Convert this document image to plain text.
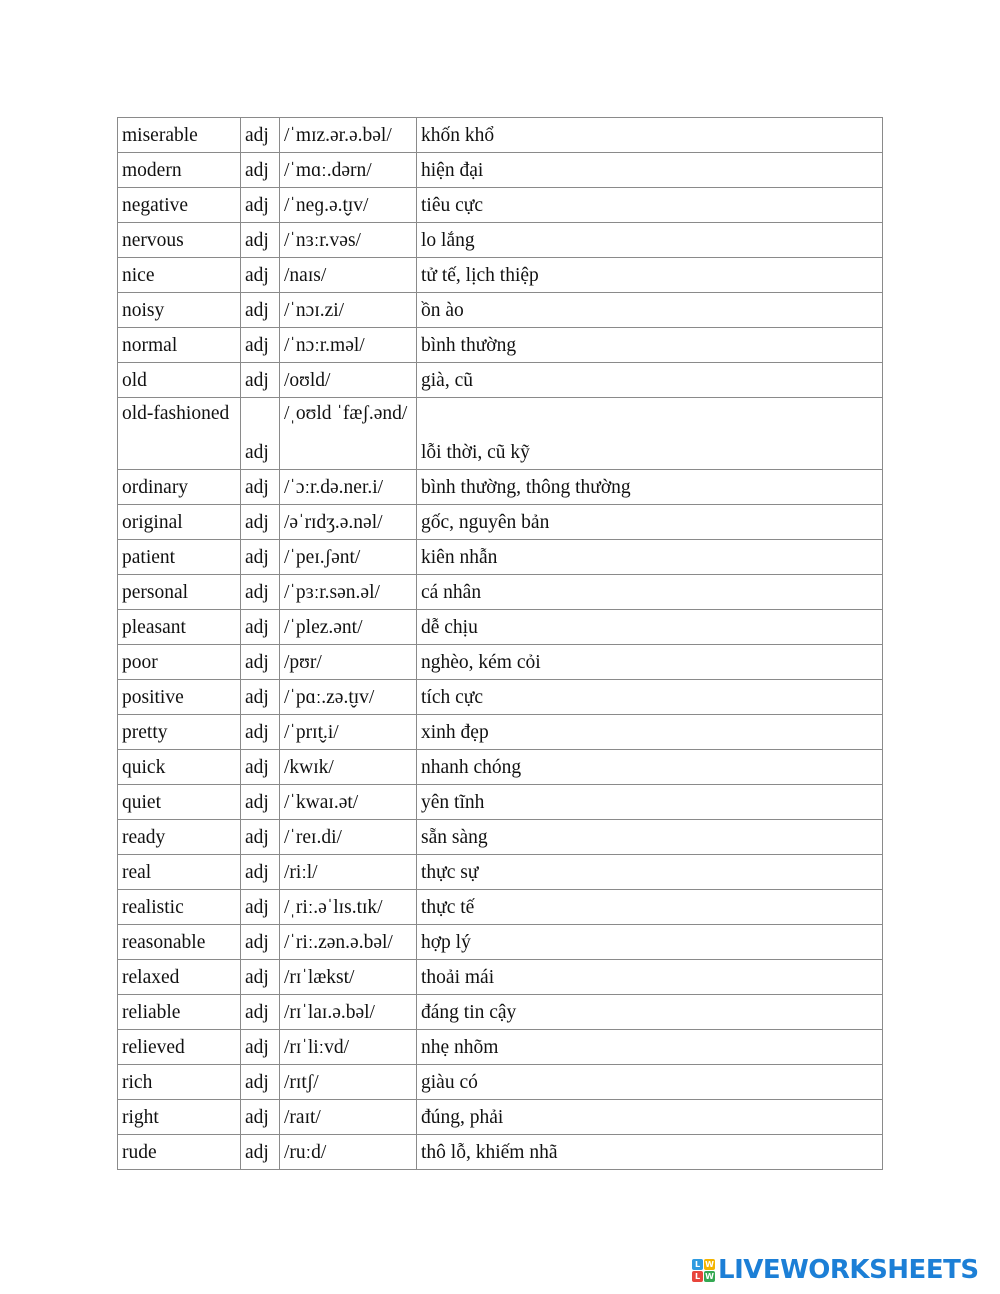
miserable	adj	/ˈmɪz.ər.ə.bəl/	khốn khổ
modern	adj	/ˈmɑː.dərn/	hiện đại
negative	adj	/ˈneɡ.ə.t̬ɪv/	tiêu cực
nervous	adj	/ˈnɜːr.vəs/	lo lắng
nice	adj	/naɪs/	tử tế, lịch thiệp
noisy	adj	/ˈnɔɪ.zi/	ồn ào
normal	adj	/ˈnɔːr.məl/	bình thường
old	adj	/oʊld/	già, cũ
old-fashioned	adj	/ˌoʊld ˈfæʃ.ənd/	lỗi thời, cũ kỹ
ordinary	adj	/ˈɔːr.də.ner.i/	bình thường, thông thường
original	adj	/əˈrɪdʒ.ə.nəl/	gốc, nguyên bản
patient	adj	/ˈpeɪ.ʃənt/	kiên nhẫn
personal	adj	/ˈpɜːr.sən.əl/	cá nhân
pleasant	adj	/ˈplez.ənt/	dễ chịu
poor	adj	/pʊr/	nghèo, kém cỏi
positive	adj	/ˈpɑː.zə.t̬ɪv/	tích cực
pretty	adj	/ˈprɪt̬.i/	xinh đẹp
quick	adj	/kwɪk/	nhanh chóng
quiet	adj	/ˈkwaɪ.ət/	yên tĩnh
ready	adj	/ˈreɪ.di/	sẵn sàng
real	adj	/riːl/	thực sự
realistic	adj	/ˌriː.əˈlɪs.tɪk/	thực tế
reasonable	adj	/ˈriː.zən.ə.bəl/	hợp lý
relaxed	adj	/rɪˈlækst/	thoải mái
reliable	adj	/rɪˈlaɪ.ə.bəl/	đáng tin cậy
relieved	adj	/rɪˈliːvd/	nhẹ nhõm
rich	adj	/rɪtʃ/	giàu có
right	adj	/raɪt/	đúng, phải
rude	adj	/ruːd/	thô lỗ, khiếm nhã
L W
L W LIVEWORKSHEETS
